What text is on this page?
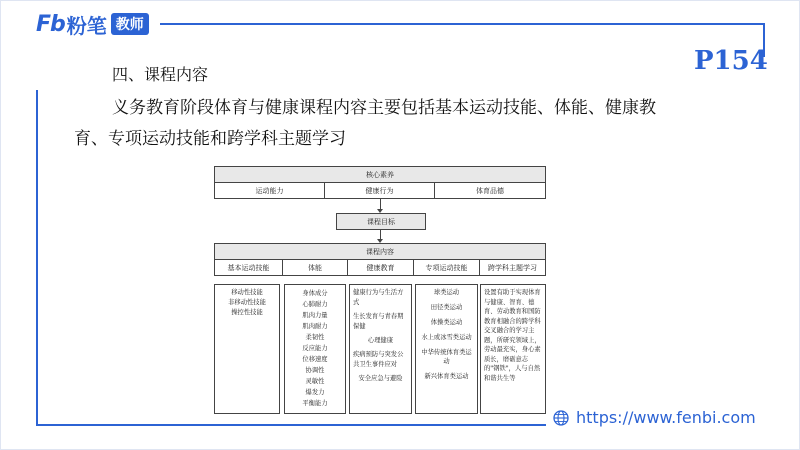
Fb 粉笔 教师
P154
https://www.fenbi.com
四、课程内容
义务教育阶段体育与健康课程内容主要包括基本运动技能、体能、健康教
育、专项运动技能和跨学科主题学习
核心素养
运动能力	健康行为	体育品德
课程目标
课程内容
基本运动技能	体能	健康教育	专项运动技能	跨学科主题学习
移动性技能
非移动性技能
操控性技能
身体成分
心肺耐力
肌肉力量
肌肉耐力
柔韧性
反应能力
位移速度
协调性
灵敏性
爆发力
平衡能力
健康行为与生活方式
生长发育与青春期保健
心理健康
疾病预防与突发公共卫生事件应对
安全应急与避险
球类运动
田径类运动
体操类运动
水上或冰雪类运动
中华传统体育类运动
新兴体育类运动
设置有助于实现体育与健康、智育、德育、劳动教育和国防教育相融合的跨学科交叉融合的学习主题，所研究领域上，劳动最充实，身心素质长，磨砺意志的"钢铁"，人与自然和谐共生等
